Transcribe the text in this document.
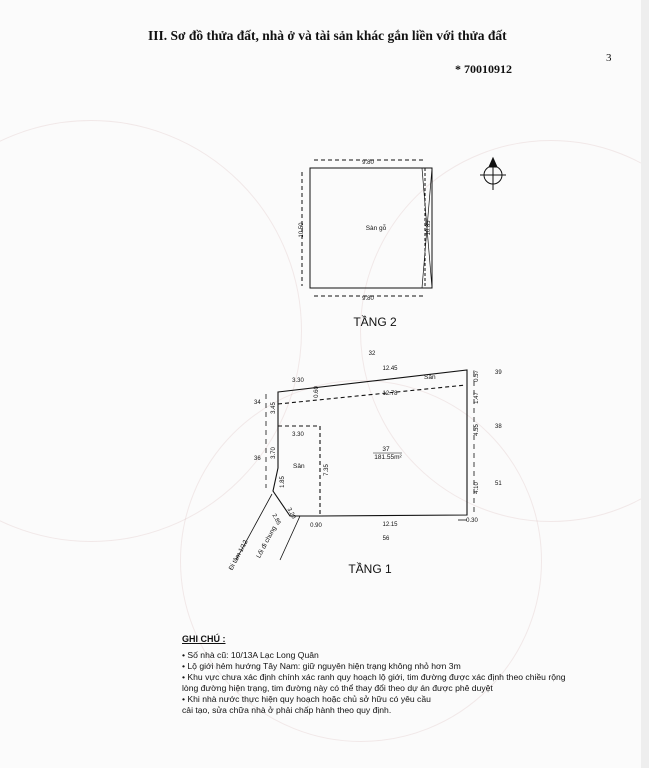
III. Sơ đồ thửa đất, nhà ở và tài sản khác gắn liền với thửa đất
* 70010912
3
9.80
9.80
10.50	10.85
Sàn gỗ
TẦNG 2
32
39
34
36
38
51
56
3.30
12.45
12.78
Sân
3.30
3.45
3.70
1.85
Sân	7.35
4.55
4.10
0.57
1.47
12.15
0.90
0.30
0.60
3.20
2.85
37
181.55m²
Lối đi chung
Đi tâm 1/12	TẦNG 1
GHI CHÚ :
• Số nhà cũ: 10/13A Lạc Long Quân
• Lộ giới hẻm hướng Tây Nam: giữ nguyên hiện trạng không nhỏ hơn 3m
• Khu vực chưa xác định chính xác ranh quy hoạch lộ giới, tim đường được xác định theo chiều rộng
lòng đường hiện trạng, tim đường này có thể thay đổi theo dự án được phê duyệt
• Khi nhà nước thực hiện quy hoạch hoặc chủ sở hữu có yêu cầu
cải tạo, sửa chữa nhà ở phải chấp hành theo quy định.
